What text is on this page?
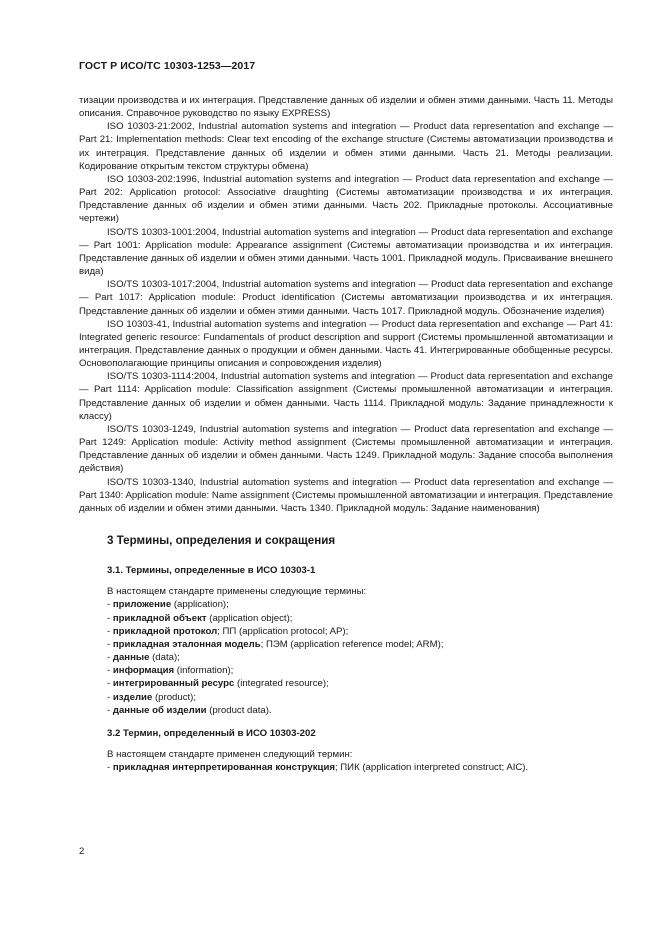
ГОСТ Р ИСО/ТС 10303-1253—2017

тизации производства и их интеграция. Представление данных об изделии и обмен этими данными. Часть 11. Методы описания. Справочное руководство по языку EXPRESS)

ISO 10303-21:2002, Industrial automation systems and integration — Product data representation and exchange — Part 21: Implementation methods: Clear text encoding of the exchange structure (Системы автоматизации производства и их интеграция. Представление данных об изделии и обмен этими данными. Часть 21. Методы реализации. Кодирование открытым текстом структуры обмена)

ISO 10303-202:1996, Industrial automation systems and integration — Product data representation and exchange — Part 202: Application protocol: Associative draughting (Системы автоматизации производства и их интеграция. Представление данных об изделии и обмен этими данными. Часть 202. Прикладные протоколы. Ассоциативные чертежи)

ISO/TS 10303-1001:2004, Industrial automation systems and integration — Product data representation and exchange — Part 1001: Application module: Appearance assignment (Системы автоматизации производства и их интеграция. Представление данных об изделии и обмен этими данными. Часть 1001. Прикладной модуль. Присваивание внешнего вида)

ISO/TS 10303-1017:2004, Industrial automation systems and integration — Product data representation and exchange — Part 1017: Application module: Product identification (Системы автоматизации производства и их интеграция. Представление данных об изделии и обмен этими данными. Часть 1017. Прикладной модуль. Обозначение изделия)

ISO 10303-41, Industrial automation systems and integration — Product data representation and exchange — Part 41: Integrated generic resource: Fundamentals of product description and support (Системы промышленной автоматизации и интеграция. Представление данных о продукции и обмен данными. Часть 41. Интегрированные обобщенные ресурсы. Основополагающие принципы описания и сопровождения изделия)

ISO/TS 10303-1114:2004, Industrial automation systems and integration — Product data representation and exchange — Part 1114: Application module: Classification assignment (Системы промышленной автоматизации и интеграция. Представление данных об изделии и обмен данными. Часть 1114. Прикладной модуль: Задание принадлежности к классу)

ISO/TS 10303-1249, Industrial automation systems and integration — Product data representation and exchange — Part 1249: Application module: Activity method assignment (Системы промышленной автоматизации и интеграция. Представление данных об изделии и обмен данными. Часть 1249. Прикладной модуль: Задание способа выполнения действия)

ISO/TS 10303-1340, Industrial automation systems and integration — Product data representation and exchange — Part 1340: Application module: Name assignment (Системы промышленной автоматизации и интеграция. Представление данных об изделии и обмен этими данными. Часть 1340. Прикладной модуль: Задание наименования)

3 Термины, определения и сокращения

3.1. Термины, определенные в ИСО 10303-1

В настоящем стандарте применены следующие термины:

- приложение (application);
- прикладной объект (application object);
- прикладной протокол; ПП (application protocol; AP);
- прикладная эталонная модель; ПЭМ (application reference model; ARM);
- данные (data);
- информация (information);
- интегрированный ресурс (integrated resource);
- изделие (product);
- данные об изделии (product data).

3.2 Термин, определенный в ИСО 10303-202

В настоящем стандарте применен следующий термин:

- прикладная интерпретированная конструкция; ПИК (application interpreted construct; AIC).
2
